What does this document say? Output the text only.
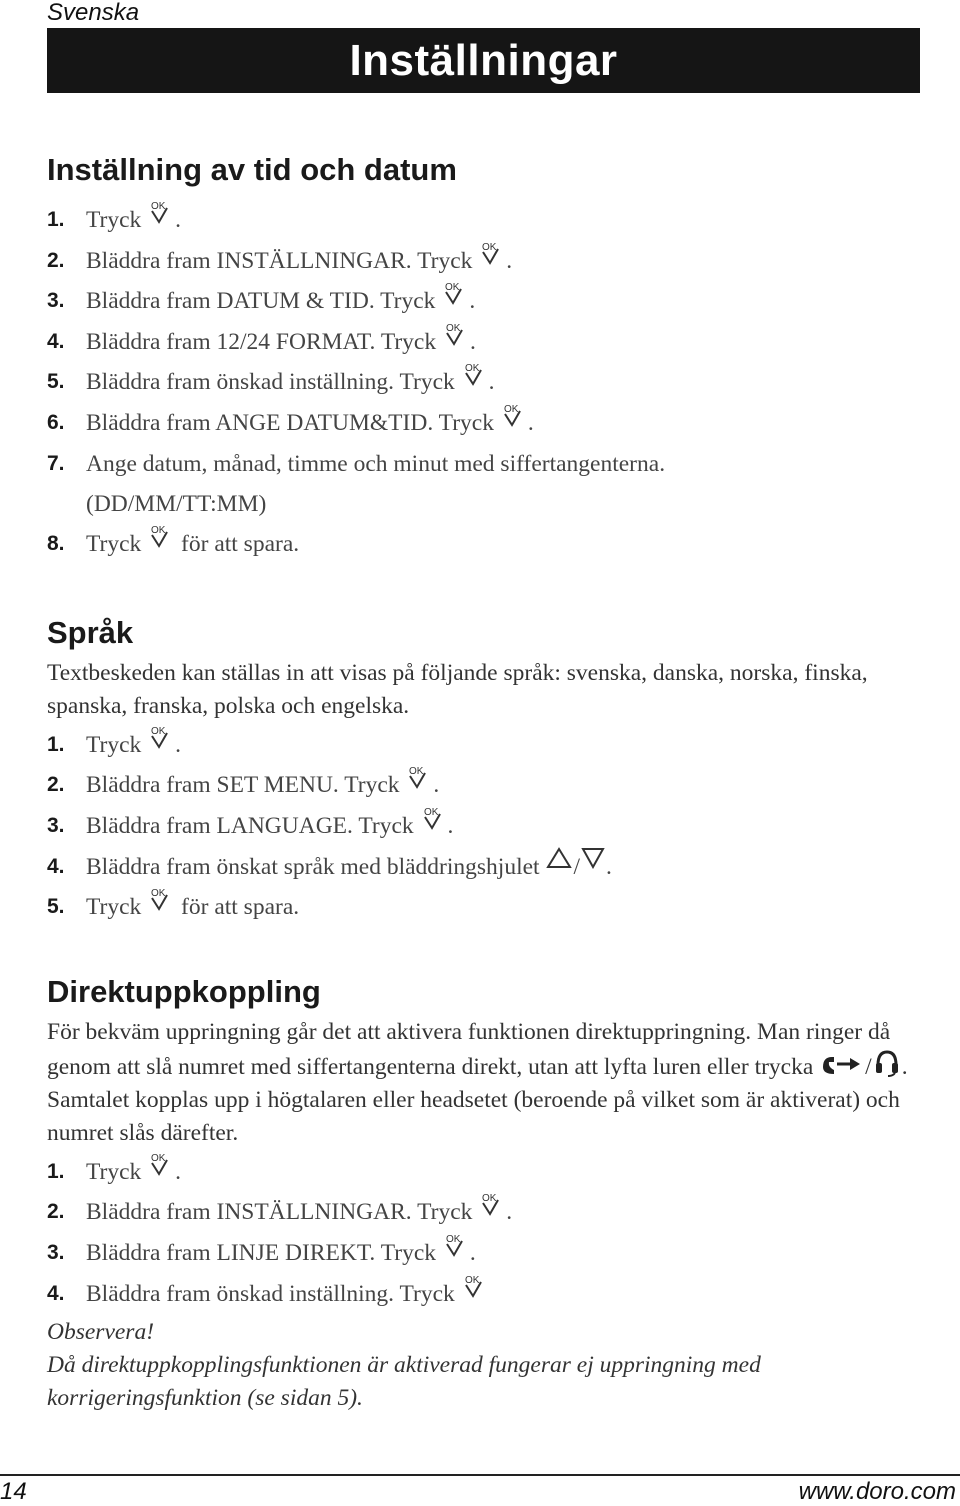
Svenska
Inställningar
Inställning av tid och datum
1. Tryck
OK
.
2. Bläddra fram INSTÄLLNINGAR. Tryck
OK
.
3. Bläddra fram DATUM & TID. Tryck
OK
.
4. Bläddra fram 12/24 FORMAT. Tryck
OK
.
5. Bläddra fram önskad inställning. Tryck
OK
.
6. Bläddra fram ANGE DATUM&TID. Tryck
OK
.
7. Ange datum, månad, timme och minut med siffertangenterna.
(DD/MM/TT:MM)
8. Tryck
OK
för att spara.
Språk
Textbeskeden kan ställas in att visas på följande språk: svenska, danska, norska, finska, spanska, franska, polska och engelska.
1. Tryck
OK
.
2. Bläddra fram SET MENU. Tryck
OK
.
3. Bläddra fram LANGUAGE. Tryck
OK
.
4. Bläddra fram önskat språk med bläddringshjulet / .
5. Tryck
OK
för att spara.
Direktuppkoppling
För bekväm uppringning går det att aktivera funktionen direktuppringning. Man ringer då genom att slå numret med siffertangenterna direkt, utan att lyfta luren eller trycka
/ . Samtalet kopplas upp i högtalaren eller headsetet (beroende på vilket som är aktiverat) och numret slås därefter.
1. Tryck
OK
.
2. Bläddra fram INSTÄLLNINGAR. Tryck
OK
.
3. Bläddra fram LINJE DIREKT. Tryck
OK
.
4. Bläddra fram önskad inställning. Tryck
OK
Observera!
Då direktuppkopplingsfunktionen är aktiverad fungerar ej uppringning med korrigeringsfunktion (se sidan 5).
14	www.doro.com
